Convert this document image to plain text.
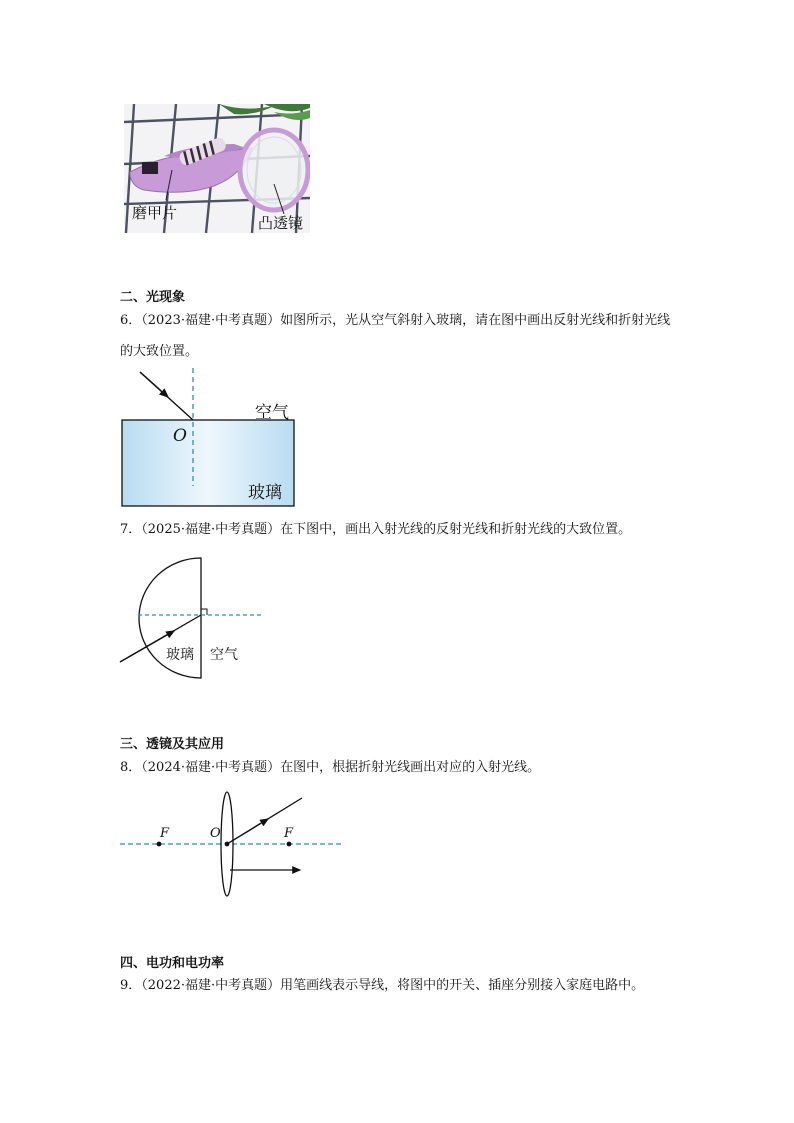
磨甲片
凸透镜
二、光现象
6．（2023·福建·中考真题）如图所示，光从空气斜射入玻璃，请在图中画出反射光线和折射光线的大致位置。
空气
O
玻璃
7．（2025·福建·中考真题）在下图中，画出入射光线的反射光线和折射光线的大致位置。
玻璃 空气
三、透镜及其应用
8．（2024·福建·中考真题）在图中，根据折射光线画出对应的入射光线。
F	O	F
四、电功和电功率
9．（2022·福建·中考真题）用笔画线表示导线，将图中的开关、插座分别接入家庭电路中。
